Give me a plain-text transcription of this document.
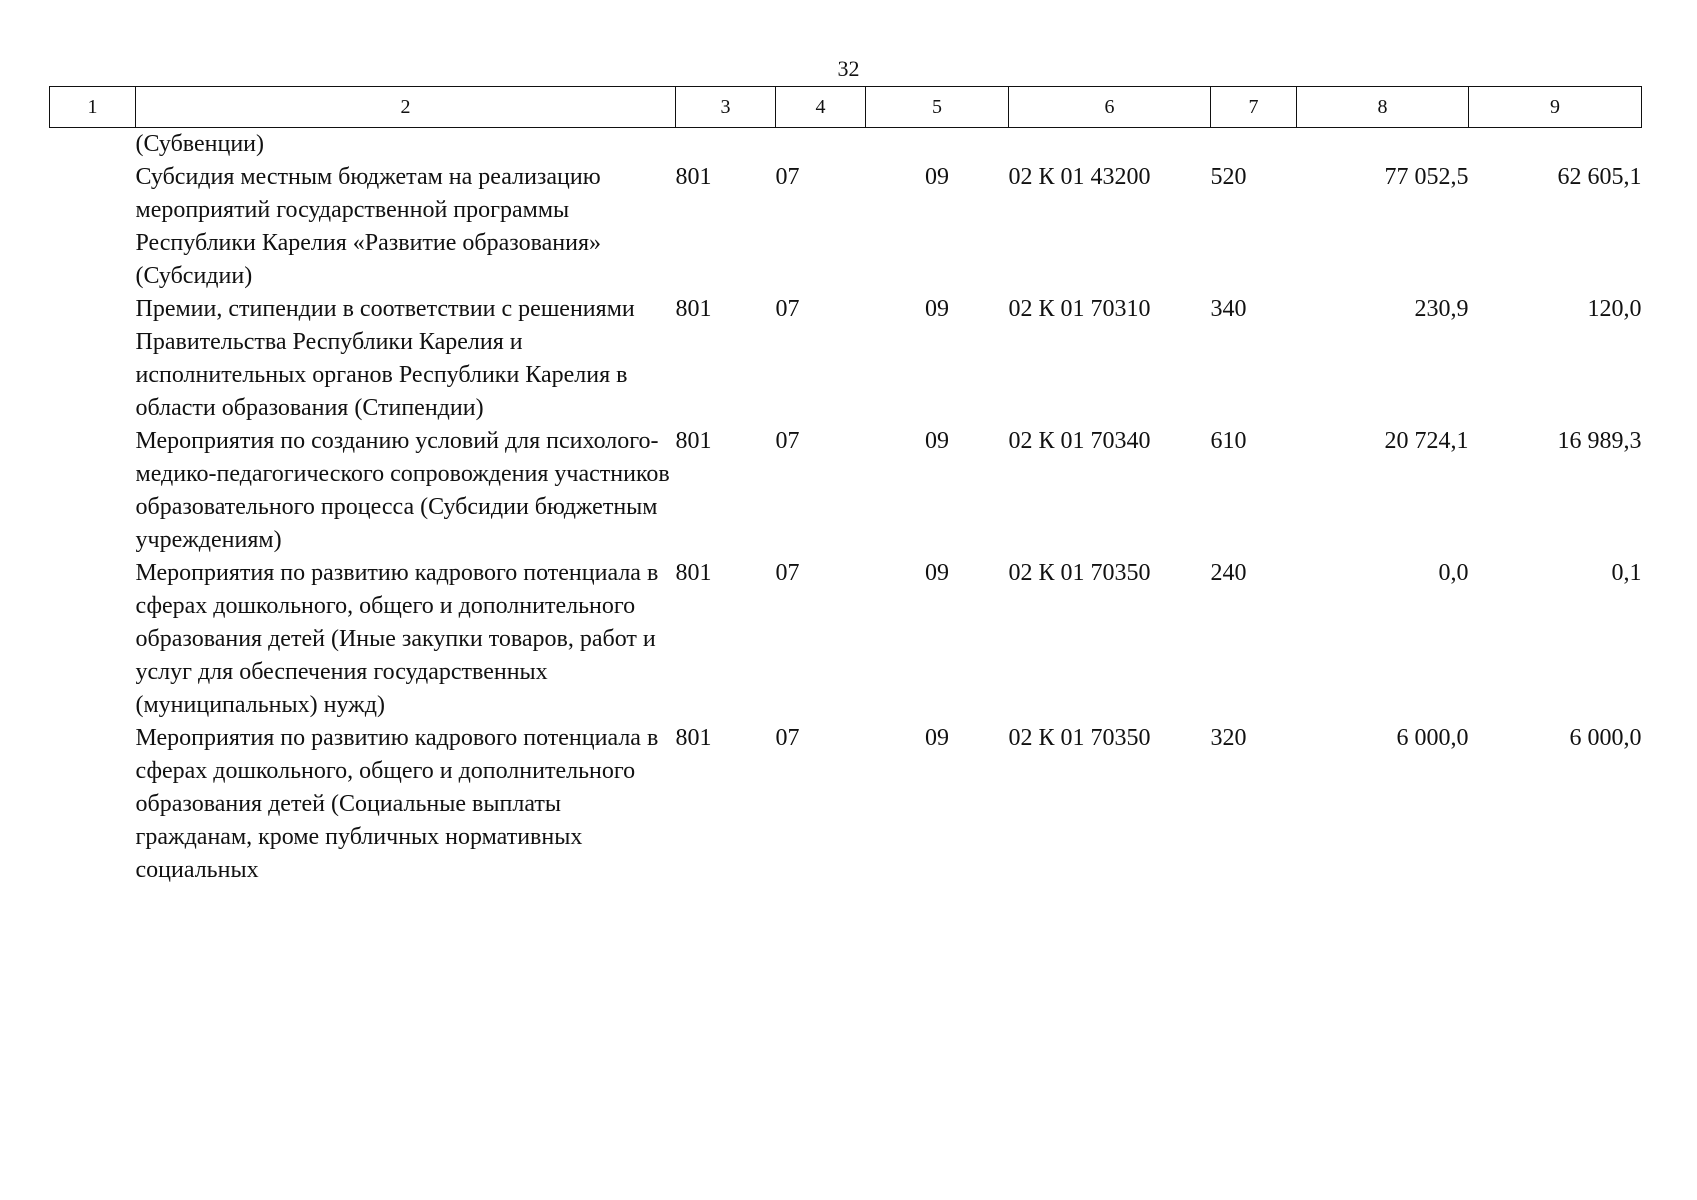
32
1	2	3	4	5	6	7	8	9
	(Субвенции)							
	Субсидия местным бюджетам на реализацию мероприятий государственной программы Республики Карелия «Развитие образования» (Субсидии)	801	07	09	02 К 01 43200	520	77 052,5	62 605,1
	Премии, стипендии в соответствии с решениями Правительства Республики Карелия и исполнительных органов Республики Карелия в области образования (Стипендии)	801	07	09	02 К 01 70310	340	230,9	120,0
	Мероприятия по созданию условий для психолого-медико-педагогического сопровождения участников образовательного процесса (Субсидии бюджетным учреждениям)	801	07	09	02 К 01 70340	610	20 724,1	16 989,3
	Мероприятия по развитию кадрового потенциала в сферах дошкольного, общего и дополнительного образования детей (Иные закупки товаров, работ и услуг для обеспечения государственных (муниципальных) нужд)	801	07	09	02 К 01 70350	240	0,0	0,1
	Мероприятия по развитию кадрового потенциала в сферах дошкольного, общего и дополнительного образования детей (Социальные выплаты гражданам, кроме публичных нормативных социальных	801	07	09	02 К 01 70350	320	6 000,0	6 000,0
